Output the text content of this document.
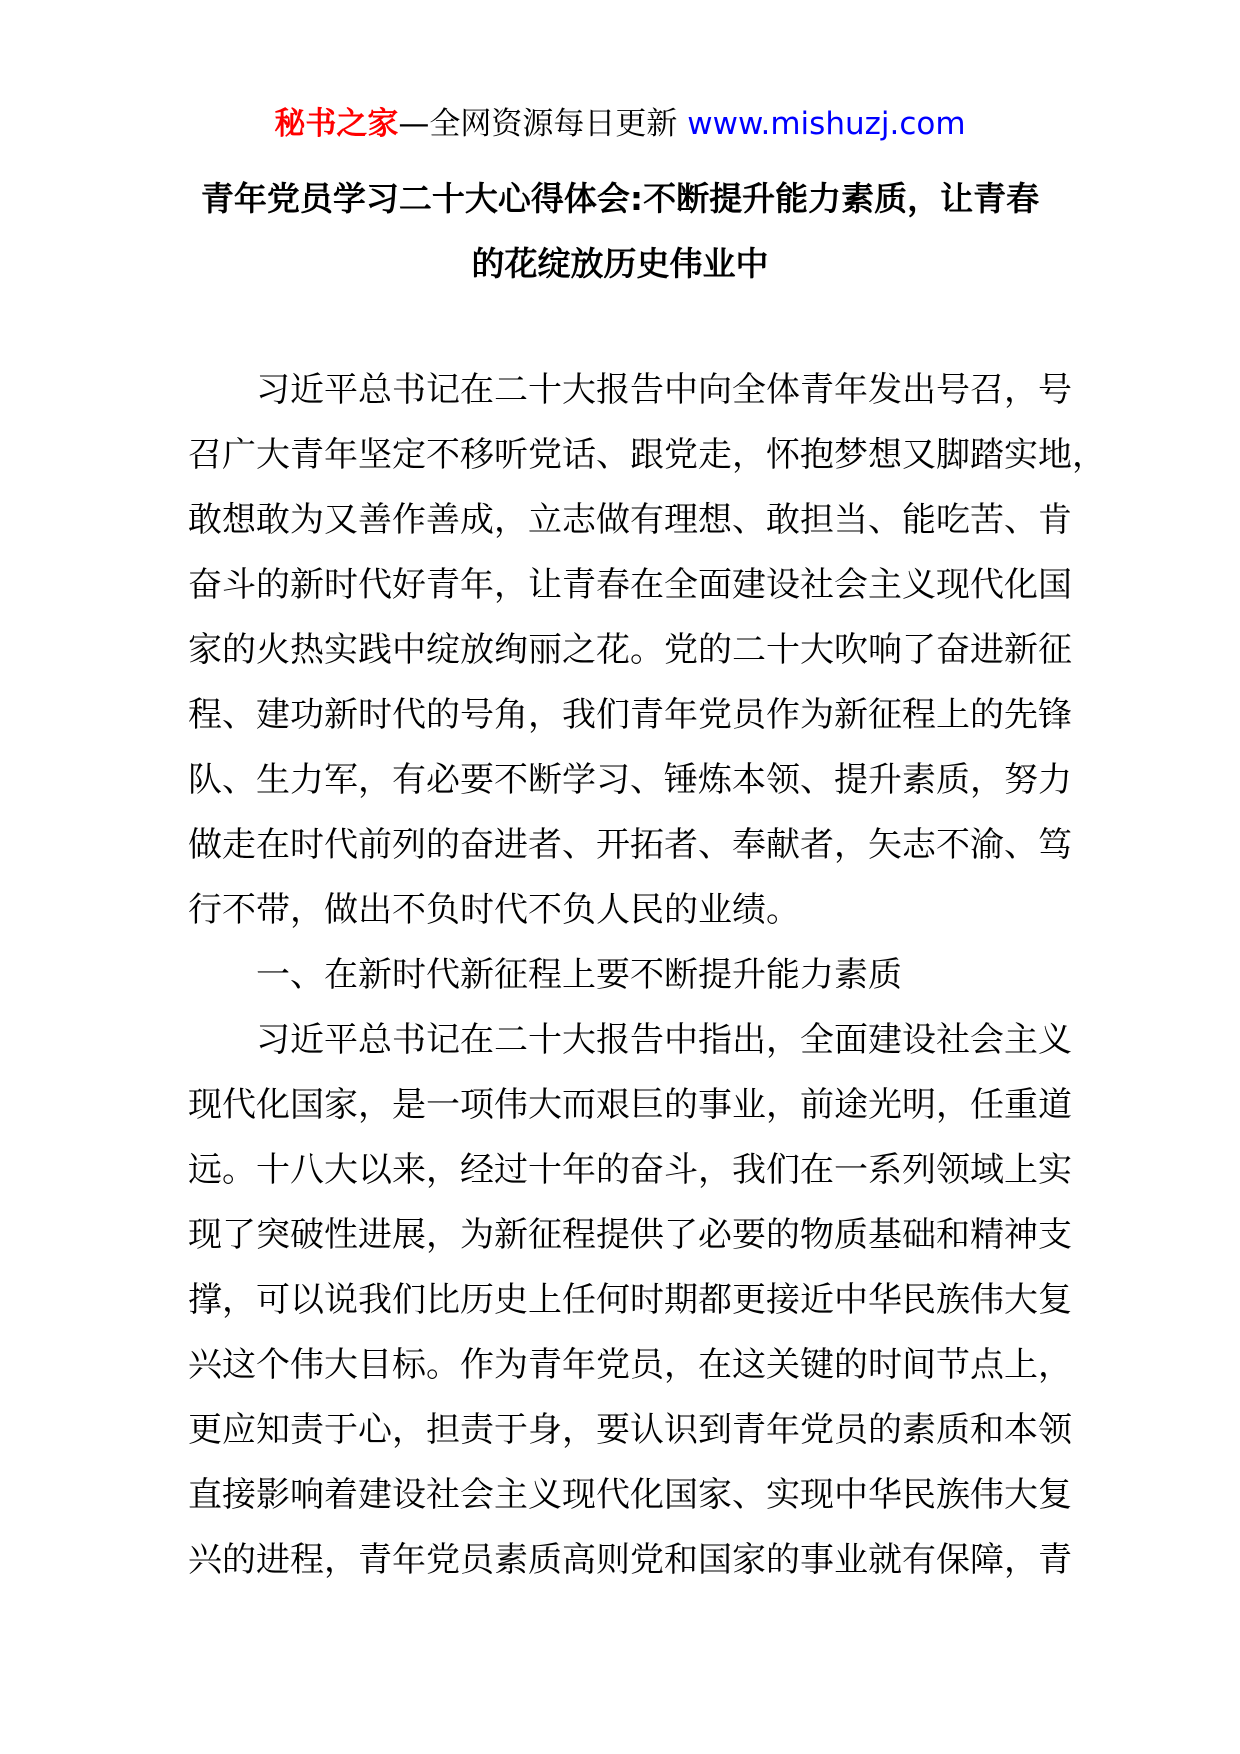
秘书之家—全网资源每日更新 www.mishuzj.com
青年党员学习二十大心得体会:不断提升能力素质，让青春
的花绽放历史伟业中
习近平总书记在二十大报告中向全体青年发出号召，号
召广大青年坚定不移听党话、跟党走，怀抱梦想又脚踏实地，
敢想敢为又善作善成，立志做有理想、敢担当、能吃苦、肯
奋斗的新时代好青年，让青春在全面建设社会主义现代化国
家的火热实践中绽放绚丽之花。党的二十大吹响了奋进新征
程、建功新时代的号角，我们青年党员作为新征程上的先锋
队、生力军，有必要不断学习、锤炼本领、提升素质，努力
做走在时代前列的奋进者、开拓者、奉献者，矢志不渝、笃
行不带，做出不负时代不负人民的业绩。
一、在新时代新征程上要不断提升能力素质
习近平总书记在二十大报告中指出，全面建设社会主义
现代化国家，是一项伟大而艰巨的事业，前途光明，任重道
远。十八大以来，经过十年的奋斗，我们在一系列领域上实
现了突破性进展，为新征程提供了必要的物质基础和精神支
撑，可以说我们比历史上任何时期都更接近中华民族伟大复
兴这个伟大目标。作为青年党员，在这关键的时间节点上，
更应知责于心，担责于身，要认识到青年党员的素质和本领
直接影响着建设社会主义现代化国家、实现中华民族伟大复
兴的进程，青年党员素质高则党和国家的事业就有保障，青
